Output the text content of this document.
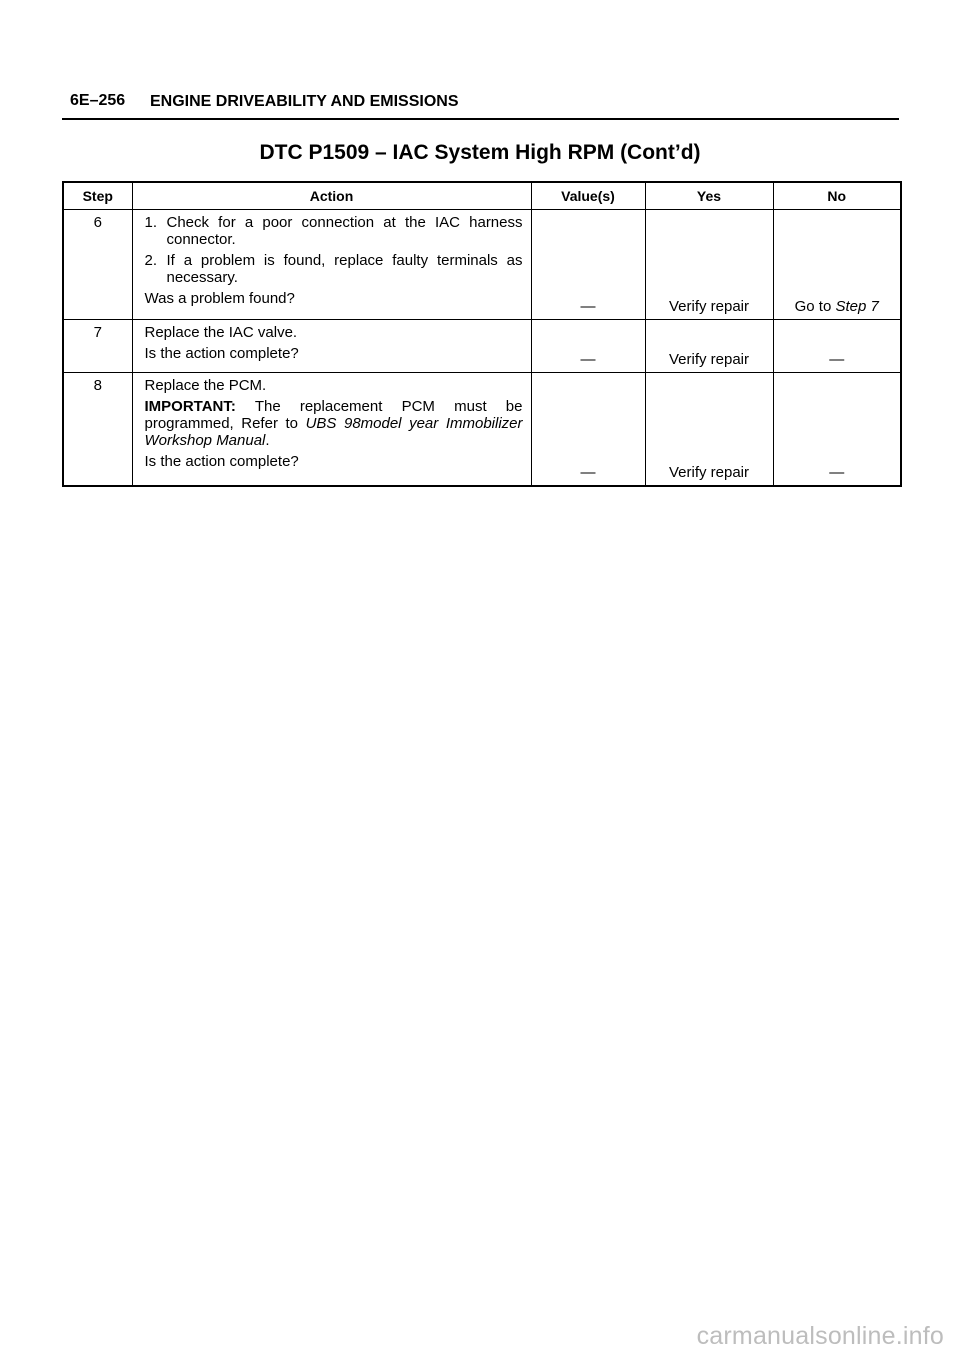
6E–256 ENGINE DRIVEABILITY AND EMISSIONS
DTC P1509 – IAC System High RPM (Cont’d)
Step	Action	Value(s)	Yes	No
6	1. Check for a poor connection at the IAC harness connector.
2. If a problem is found, replace faulty terminals as necessary.
Was a problem found?	—	Verify repair	Go to Step 7

7	Replace the IAC valve.
Is the action complete?	—	Verify repair	—

8	Replace the PCM.
IMPORTANT: The replacement PCM must be programmed, Refer to UBS 98model year Immobilizer Workshop Manual.
Is the action complete?	—	Verify repair	—
carmanualsonline.info
